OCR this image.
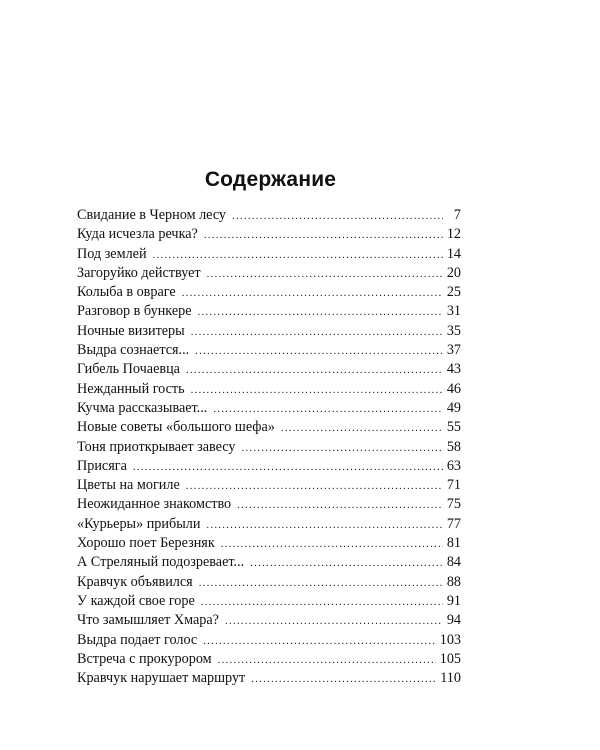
Содержание
Свидание в Черном лесу .....	7
Куда исчезла речка? .....	12
Под землей .....	14
Загоруйко действует .....	20
Колыба в овраге .....	25
Разговор в бункере .....	31
Ночные визитеры .....	35
Выдра сознается... .....	37
Гибель Почаевца .....	43
Нежданный гость .....	46
Кучма рассказывает... .....	49
Новые советы «большого шефа» .....	55
Тоня приоткрывает завесу .....	58
Присяга .....	63
Цветы на могиле .....	71
Неожиданное знакомство .....	75
«Курьеры» прибыли .....	77
Хорошо поет Березняк .....	81
А Стреляный подозревает... .....	84
Кравчук объявился .....	88
У каждой свое горе .....	91
Что замышляет Хмара? .....	94
Выдра подает голос .....	103
Встреча с прокурором .....	105
Кравчук нарушает маршрут .....	110
